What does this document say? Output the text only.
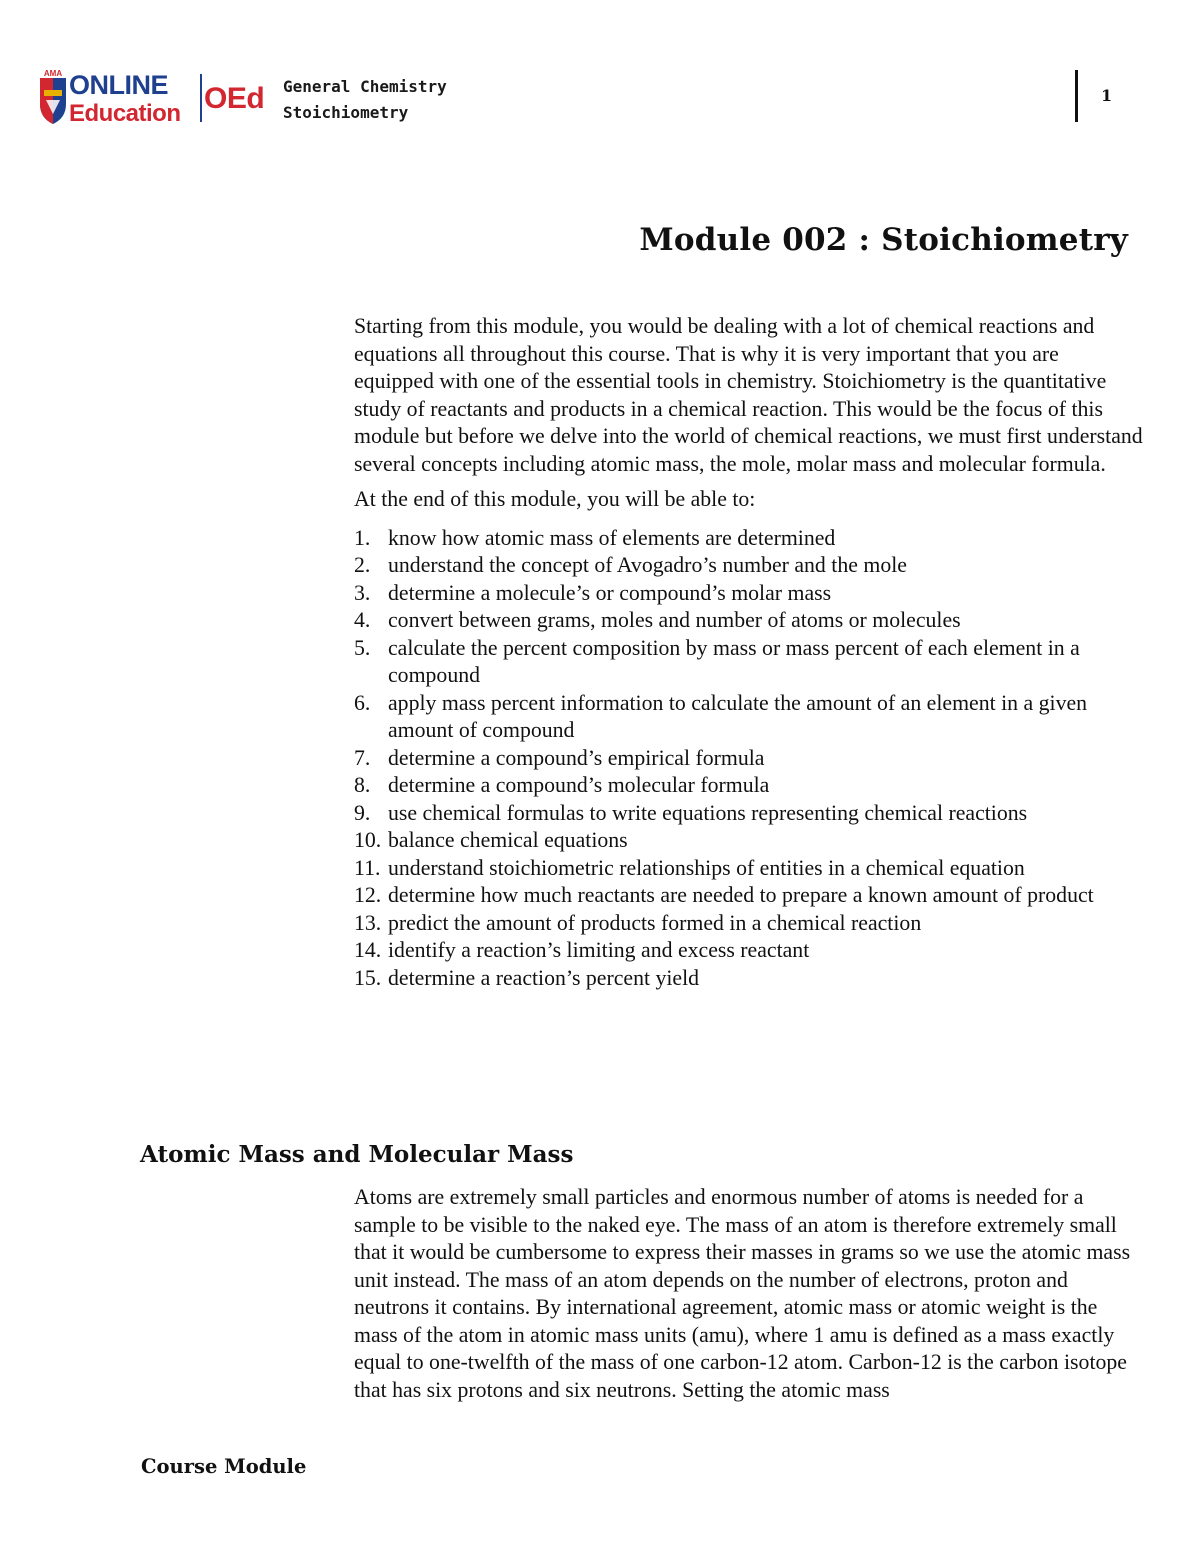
AMA ONLINE
Education OEd General Chemistry
Stoichiometry
1
Module 002 : Stoichiometry

Starting from this module, you would be dealing with a lot of chemical reactions and equations all throughout this course. That is why it is very important that you are equipped with one of the essential tools in chemistry. Stoichiometry is the quantitative study of reactants and products in a chemical reaction. This would be the focus of this module but before we delve into the world of chemical reactions, we must first understand several concepts including atomic mass, the mole, molar mass and molecular formula.

At the end of this module, you will be able to:

1. know how atomic mass of elements are determined
2. understand the concept of Avogadro’s number and the mole
3. determine a molecule’s or compound’s molar mass
4. convert between grams, moles and number of atoms or molecules
5. calculate the percent composition by mass or mass percent of each element in a compound
6. apply mass percent information to calculate the amount of an element in a given amount of compound
7. determine a compound’s empirical formula
8. determine a compound’s molecular formula
9. use chemical formulas to write equations representing chemical reactions
10. balance chemical equations
11. understand stoichiometric relationships of entities in a chemical equation
12. determine how much reactants are needed to prepare a known amount of product
13. predict the amount of products formed in a chemical reaction
14. identify a reaction’s limiting and excess reactant
15. determine a reaction’s percent yield
Atomic Mass and Molecular Mass

Atoms are extremely small particles and enormous number of atoms is needed for a sample to be visible to the naked eye. The mass of an atom is therefore extremely small that it would be cumbersome to express their masses in grams so we use the atomic mass unit instead. The mass of an atom depends on the number of electrons, proton and neutrons it contains. By international agreement, atomic mass or atomic weight is the mass of the atom in atomic mass units (amu), where 1 amu is defined as a mass exactly equal to one-twelfth of the mass of one carbon-12 atom. Carbon-12 is the carbon isotope that has six protons and six neutrons. Setting the atomic mass

Course Module
